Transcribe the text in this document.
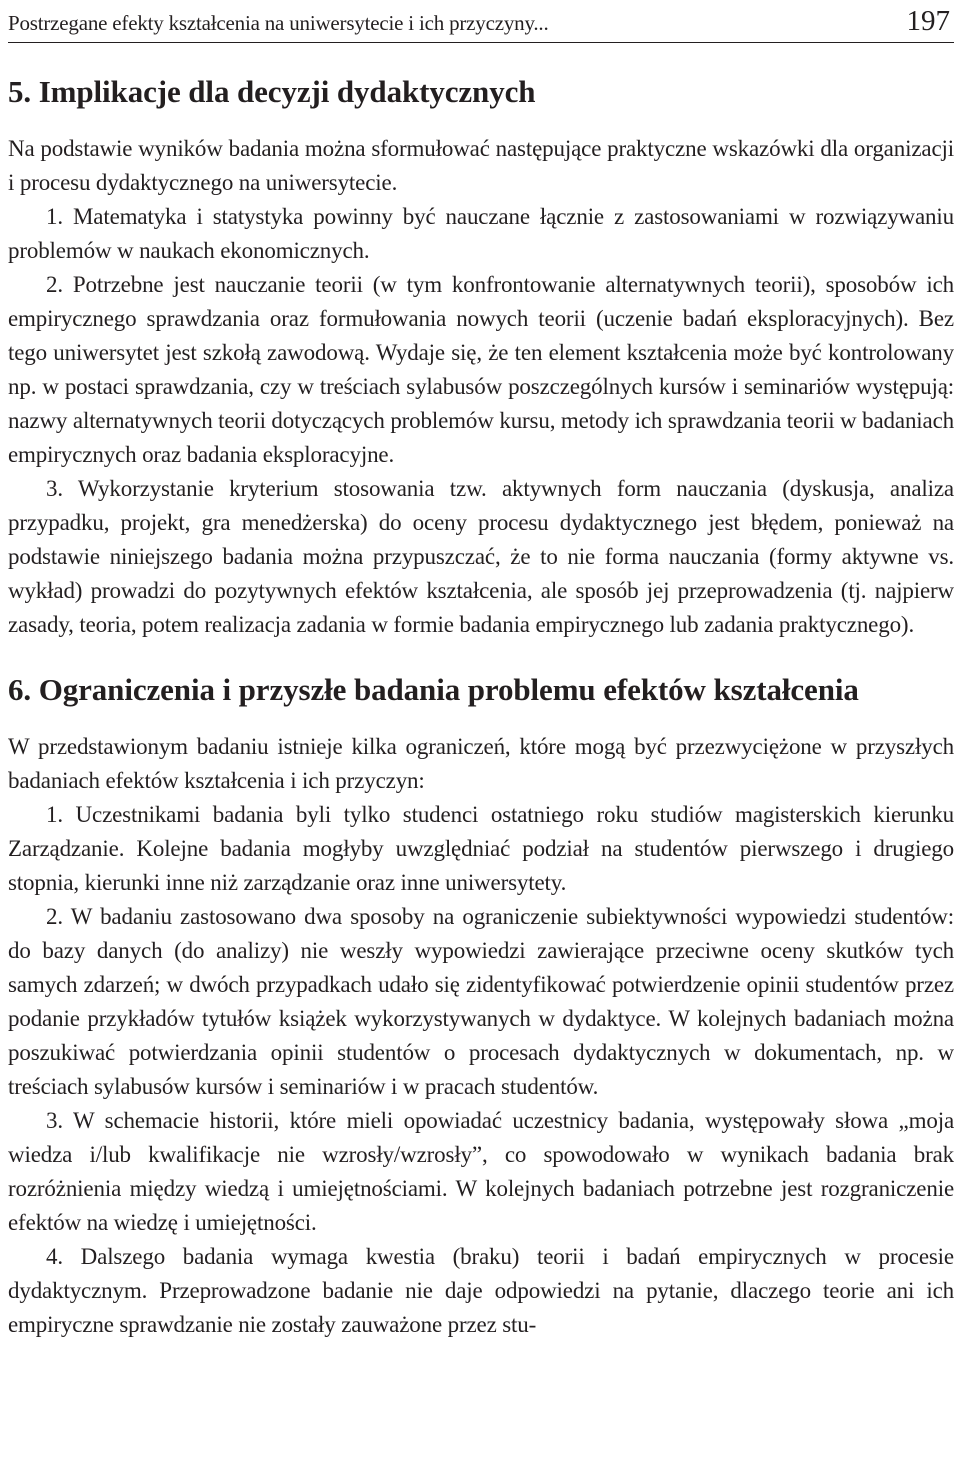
Postrzegane efekty kształcenia na uniwersytecie i ich przyczyny...	197
5. Implikacje dla decyzji dydaktycznych

Na podstawie wyników badania można sformułować następujące praktyczne wskazówki dla organizacji i procesu dydaktycznego na uniwersytecie.

1. Matematyka i statystyka powinny być nauczane łącznie z zastosowaniami w rozwiązywaniu problemów w naukach ekonomicznych.

2. Potrzebne jest nauczanie teorii (w tym konfrontowanie alternatywnych teorii), sposobów ich empirycznego sprawdzania oraz formułowania nowych teorii (uczenie badań eksploracyjnych). Bez tego uniwersytet jest szkołą zawodową. Wydaje się, że ten element kształcenia może być kontrolowany np. w postaci sprawdzania, czy w treściach sylabusów poszczególnych kursów i seminariów występują: nazwy alternatywnych teorii dotyczących problemów kursu, metody ich sprawdzania teorii w badaniach empirycznych oraz badania eksploracyjne.

3. Wykorzystanie kryterium stosowania tzw. aktywnych form nauczania (dyskusja, analiza przypadku, projekt, gra menedżerska) do oceny procesu dydaktycznego jest błędem, ponieważ na podstawie niniejszego badania można przypuszczać, że to nie forma nauczania (formy aktywne vs. wykład) prowadzi do pozytywnych efektów kształcenia, ale sposób jej przeprowadzenia (tj. najpierw zasady, teoria, potem realizacja zadania w formie badania empirycznego lub zadania praktycznego).

6. Ograniczenia i przyszłe badania problemu efektów kształcenia

W przedstawionym badaniu istnieje kilka ograniczeń, które mogą być przezwyciężone w przyszłych badaniach efektów kształcenia i ich przyczyn:

1. Uczestnikami badania byli tylko studenci ostatniego roku studiów magisterskich kierunku Zarządzanie. Kolejne badania mogłyby uwzględniać podział na studentów pierwszego i drugiego stopnia, kierunki inne niż zarządzanie oraz inne uniwersytety.

2. W badaniu zastosowano dwa sposoby na ograniczenie subiektywności wypowiedzi studentów: do bazy danych (do analizy) nie weszły wypowiedzi zawierające przeciwne oceny skutków tych samych zdarzeń; w dwóch przypadkach udało się zidentyfikować potwierdzenie opinii studentów przez podanie przykładów tytułów książek wykorzystywanych w dydaktyce. W kolejnych badaniach można poszukiwać potwierdzania opinii studentów o procesach dydaktycznych w dokumentach, np. w treściach sylabusów kursów i seminariów i w pracach studentów.

3. W schemacie historii, które mieli opowiadać uczestnicy badania, występowały słowa „moja wiedza i/lub kwalifikacje nie wzrosły/wzrosły”, co spowodowało w wynikach badania brak rozróżnienia między wiedzą i umiejętnościami. W kolejnych badaniach potrzebne jest rozgraniczenie efektów na wiedzę i umiejętności.

4. Dalszego badania wymaga kwestia (braku) teorii i badań empirycznych w procesie dydaktycznym. Przeprowadzone badanie nie daje odpowiedzi na pytanie, dlaczego teorie ani ich empiryczne sprawdzanie nie zostały zauważone przez stu-
